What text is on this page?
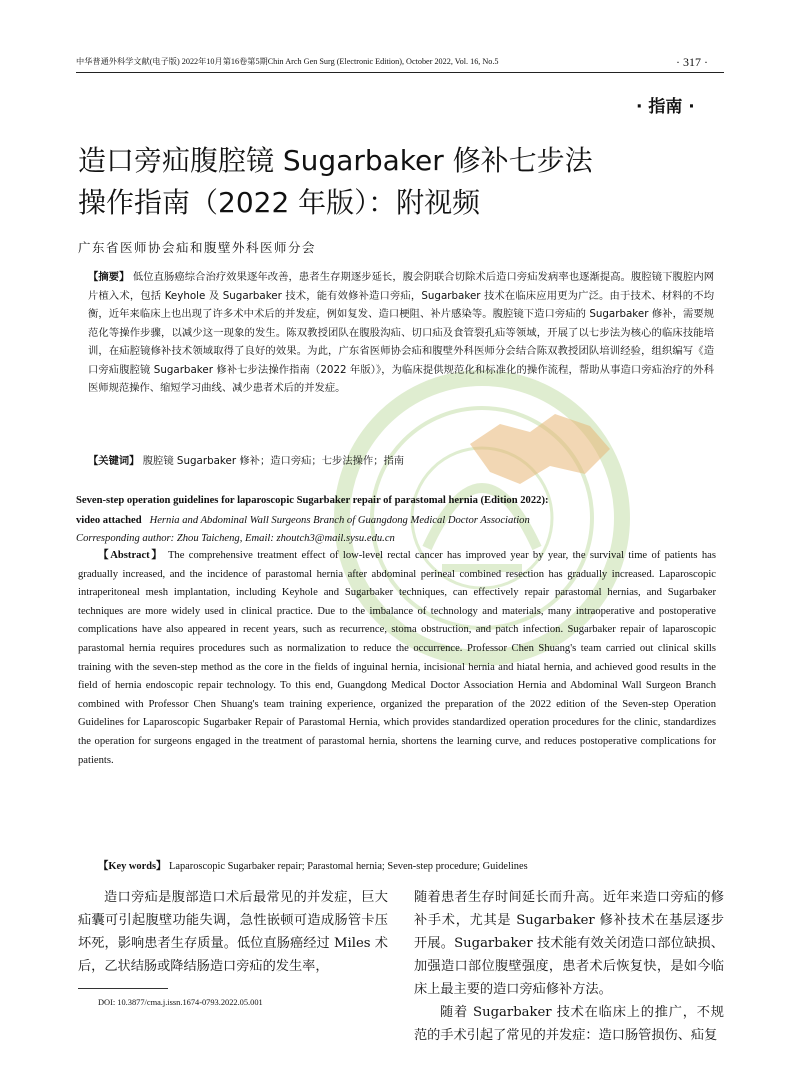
中华普通外科学文献(电子版) 2022年10月第16卷第5期Chin Arch Gen Surg (Electronic Edition), October 2022, Vol. 16, No.5	· 317 ·
· 指南 ·
造口旁疝腹腔镜 Sugarbaker 修补七步法
操作指南（2022 年版）：附视频
广东省医师协会疝和腹壁外科医师分会
【摘要】 低位直肠癌综合治疗效果逐年改善，患者生存期逐步延长，腹会阴联合切除术后造口旁疝发病率也逐渐提高。腹腔镜下腹腔内网片植入术，包括 Keyhole 及 Sugarbaker 技术，能有效修补造口旁疝，Sugarbaker 技术在临床应用更为广泛。由于技术、材料的不均衡，近年来临床上也出现了许多术中术后的并发症，例如复发、造口梗阻、补片感染等。腹腔镜下造口旁疝的 Sugarbaker 修补，需要规范化等操作步骤，以减少这一现象的发生。陈双教授团队在腹股沟疝、切口疝及食管裂孔疝等领域，开展了以七步法为核心的临床技能培训，在疝腔镜修补技术领域取得了良好的效果。为此，广东省医师协会疝和腹壁外科医师分会结合陈双教授团队培训经验，组织编写《造口旁疝腹腔镜 Sugarbaker 修补七步法操作指南（2022 年版）》，为临床提供规范化和标准化的操作流程，帮助从事造口旁疝治疗的外科医师规范操作、缩短学习曲线、减少患者术后的并发症。
【关键词】 腹腔镜 Sugarbaker 修补；造口旁疝；七步法操作；指南
Seven-step operation guidelines for laparoscopic Sugarbaker repair of parastomal hernia (Edition 2022):
video attached Hernia and Abdominal Wall Surgeons Branch of Guangdong Medical Doctor Association
Corresponding author: Zhou Taicheng, Email: zhoutch3@mail.sysu.edu.cn
【Abstract】 The comprehensive treatment effect of low-level rectal cancer has improved year by year, the survival time of patients has gradually increased, and the incidence of parastomal hernia after abdominal perineal combined resection has gradually increased. Laparoscopic intraperitoneal mesh implantation, including Keyhole and Sugarbaker techniques, can effectively repair parastomal hernias, and Sugarbaker techniques are more widely used in clinical practice. Due to the imbalance of technology and materials, many intraoperative and postoperative complications have also appeared in recent years, such as recurrence, stoma obstruction, and patch infection. Sugarbaker repair of laparoscopic parastomal hernia requires procedures such as normalization to reduce the occurrence. Professor Chen Shuang's team carried out clinical skills training with the seven-step method as the core in the fields of inguinal hernia, incisional hernia and hiatal hernia, and achieved good results in the field of hernia endoscopic repair technology. To this end, Guangdong Medical Doctor Association Hernia and Abdominal Wall Surgeon Branch combined with Professor Chen Shuang's team training experience, organized the preparation of the 2022 edition of the Seven-step Operation Guidelines for Laparoscopic Sugarbaker Repair of Parastomal Hernia, which provides standardized operation procedures for the clinic, standardizes the operation for surgeons engaged in the treatment of parastomal hernia, shortens the learning curve, and reduces postoperative complications for patients.
【Key words】 Laparoscopic Sugarbaker repair; Parastomal hernia; Seven-step procedure; Guidelines

造口旁疝是腹部造口术后最常见的并发症，巨大疝囊可引起腹壁功能失调，急性嵌顿可造成肠管卡压坏死，影响患者生存质量。低位直肠癌经过 Miles 术后，乙状结肠或降结肠造口旁疝的发生率，

随着患者生存时间延长而升高。近年来造口旁疝的修补手术，尤其是 Sugarbaker 修补技术在基层逐步开展。Sugarbaker 技术能有效关闭造口部位缺损、加强造口部位腹壁强度，患者术后恢复快，是如今临床上最主要的造口旁疝修补方法。

随着 Sugarbaker 技术在临床上的推广，不规范的手术引起了常见的并发症：造口肠管损伤、疝复

DOI: 10.3877/cma.j.issn.1674-0793.2022.05.001
